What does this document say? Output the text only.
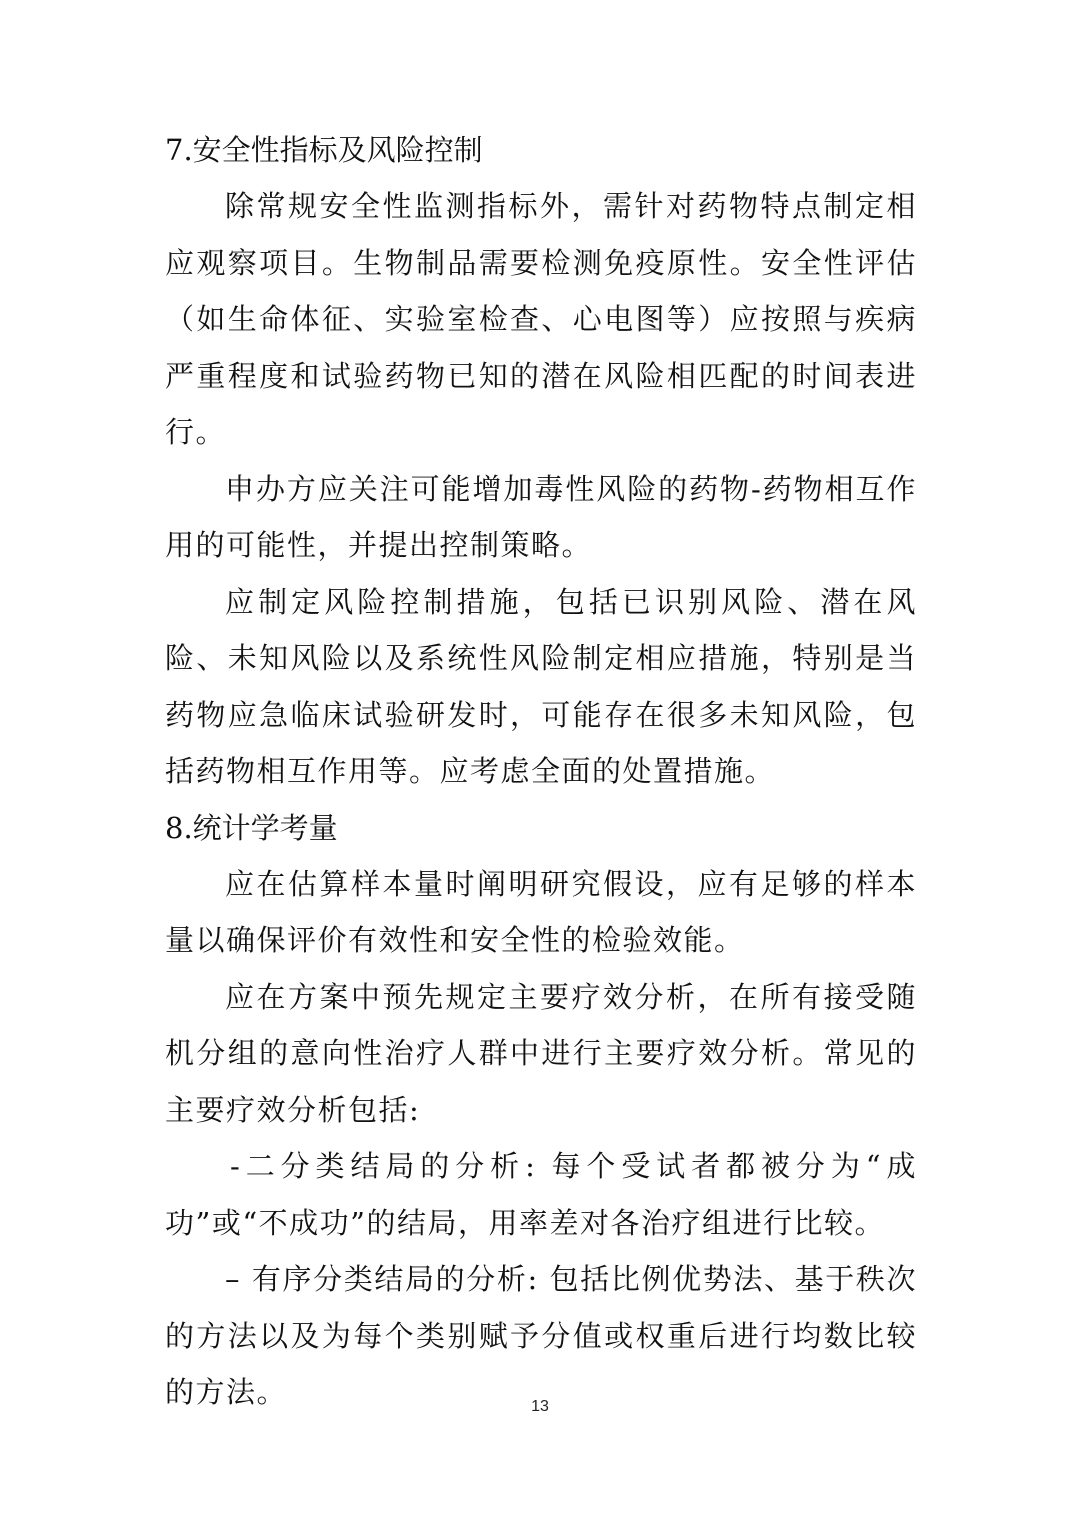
7.安全性指标及风险控制

除常规安全性监测指标外，需针对药物特点制定相应观察项目。生物制品需要检测免疫原性。安全性评估（如生命体征、实验室检查、心电图等）应按照与疾病严重程度和试验药物已知的潜在风险相匹配的时间表进行。

申办方应关注可能增加毒性风险的药物-药物相互作用的可能性，并提出控制策略。

应制定风险控制措施，包括已识别风险、潜在风险、未知风险以及系统性风险制定相应措施，特别是当药物应急临床试验研发时，可能存在很多未知风险，包括药物相互作用等。应考虑全面的处置措施。

8.统计学考量

应在估算样本量时阐明研究假设，应有足够的样本量以确保评价有效性和安全性的检验效能。

应在方案中预先规定主要疗效分析，在所有接受随机分组的意向性治疗人群中进行主要疗效分析。常见的主要疗效分析包括:

-二分类结局的分析: 每个受试者都被分为“成功”或“不成功”的结局，用率差对各治疗组进行比较。

– 有序分类结局的分析: 包括比例优势法、基于秩次的方法以及为每个类别赋予分值或权重后进行均数比较的方法。	13
